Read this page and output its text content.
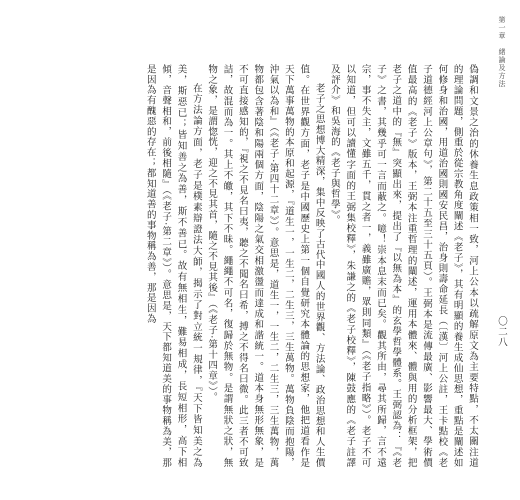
第一章　緒論及方法
〇二八

偽調和文景之治的休養生息政策相一致，河上公本以疏解原文為主要特點，不太關注道的理論問題，側重於從宗教角度闡述《老子》，其有明顯的養生成仙思想，重點是闡述如何修身和治國，用道治國則國安民昌，治身則壽命延長（〔漢〕河上公註，王卡點校《老子道德經河上公章句》，第二十五至三十五頁）。王弼本是流傳最廣、影響最大、學術價值最高的《老子》版本，王弼本注重哲理的闡述，運用本體來、體與用的分析框架，把老子之道中的『無』突顯出來，提出了『以無為本』的玄學哲學體系。王弼認為：『《老子》之書，其幾乎可一言而蔽之。噫！崇本息末而已矣。觀其所由，尋其所歸，言不遠宗，事不失主，文雖五千，貫之者一，義雖廣贍，眾則同類』（《老子指略》）。老子不可以知道，但可以讀懂字面的王弼集校釋》，朱謙之的《老子校釋》，陳鼓應的《老子註譯及評介》和吳海的《老子與哲學》。

老子之思想博大精深，集中反映了古代中國人的世界觀、方法論、政治思想和人生價值。在世界觀方面，老子是中國歷史上第一個自覺研究本體論的思想家，他把道看作是天下萬事萬物的本原和起源，『道生一，一生二，二生三，三生萬物。萬物負陰而抱陽，沖氣以為和』（《老子·第四十二章》）。意思是，道生一，一生二，二生三，三生萬物，萬物都包含著陰和陽兩個方面，陰陽之氣交相激盪而達成和諧統一。道本身無形無象，是不可直接感知的，『視之不見名曰夷，聽之不聞名曰希，搏之不得名曰微。此三者不可致詰，故混而為一。其上不皦，其下不昧。繩繩不可名，復歸於無物。是謂無狀之狀，無物之象，是謂惚恍，迎之不見其首，隨之不見其後』（《老子·第十四章》）。

在方法論方面，老子是樸素辯證法大師，揭示了對立統一規律，『天下皆知美之為美，斯惡已；皆知善之為善，斯不善已。故有無相生，難易相成，長短相形，高下相傾，音聲相和，前後相隨』（《老子·第二章》）。意思是，天下都知道美的事物稱為美，那是因為有醜惡的存在；都知道善的事物稱為善，那是因為
